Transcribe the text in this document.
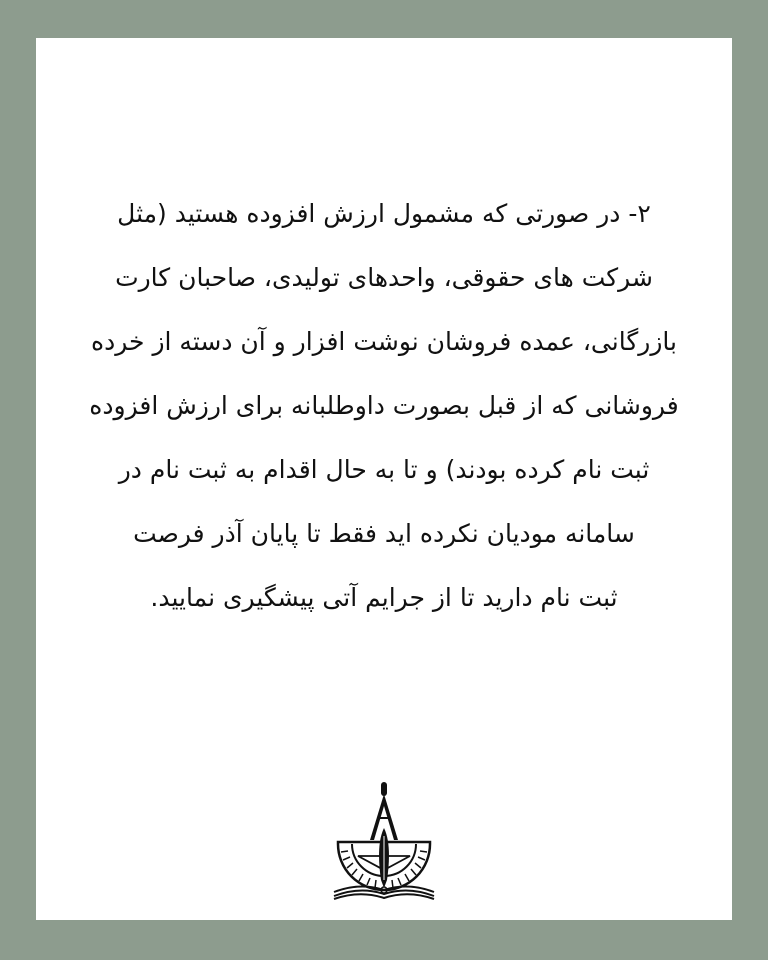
۲- در صورتی که مشمول ارزش افزوده هستید (مثل
شرکت های حقوقی، واحدهای تولیدی، صاحبان کارت
بازرگانی، عمده فروشان نوشت افزار و آن دسته از خرده
فروشانی که از قبل بصورت داوطلبانه برای ارزش افزوده
ثبت نام کرده بودند) و تا به حال اقدام به ثبت نام در
سامانه مودیان نکرده اید فقط تا پایان آذر فرصت
ثبت نام دارید تا از جرایم آتی پیشگیری نمایید.
